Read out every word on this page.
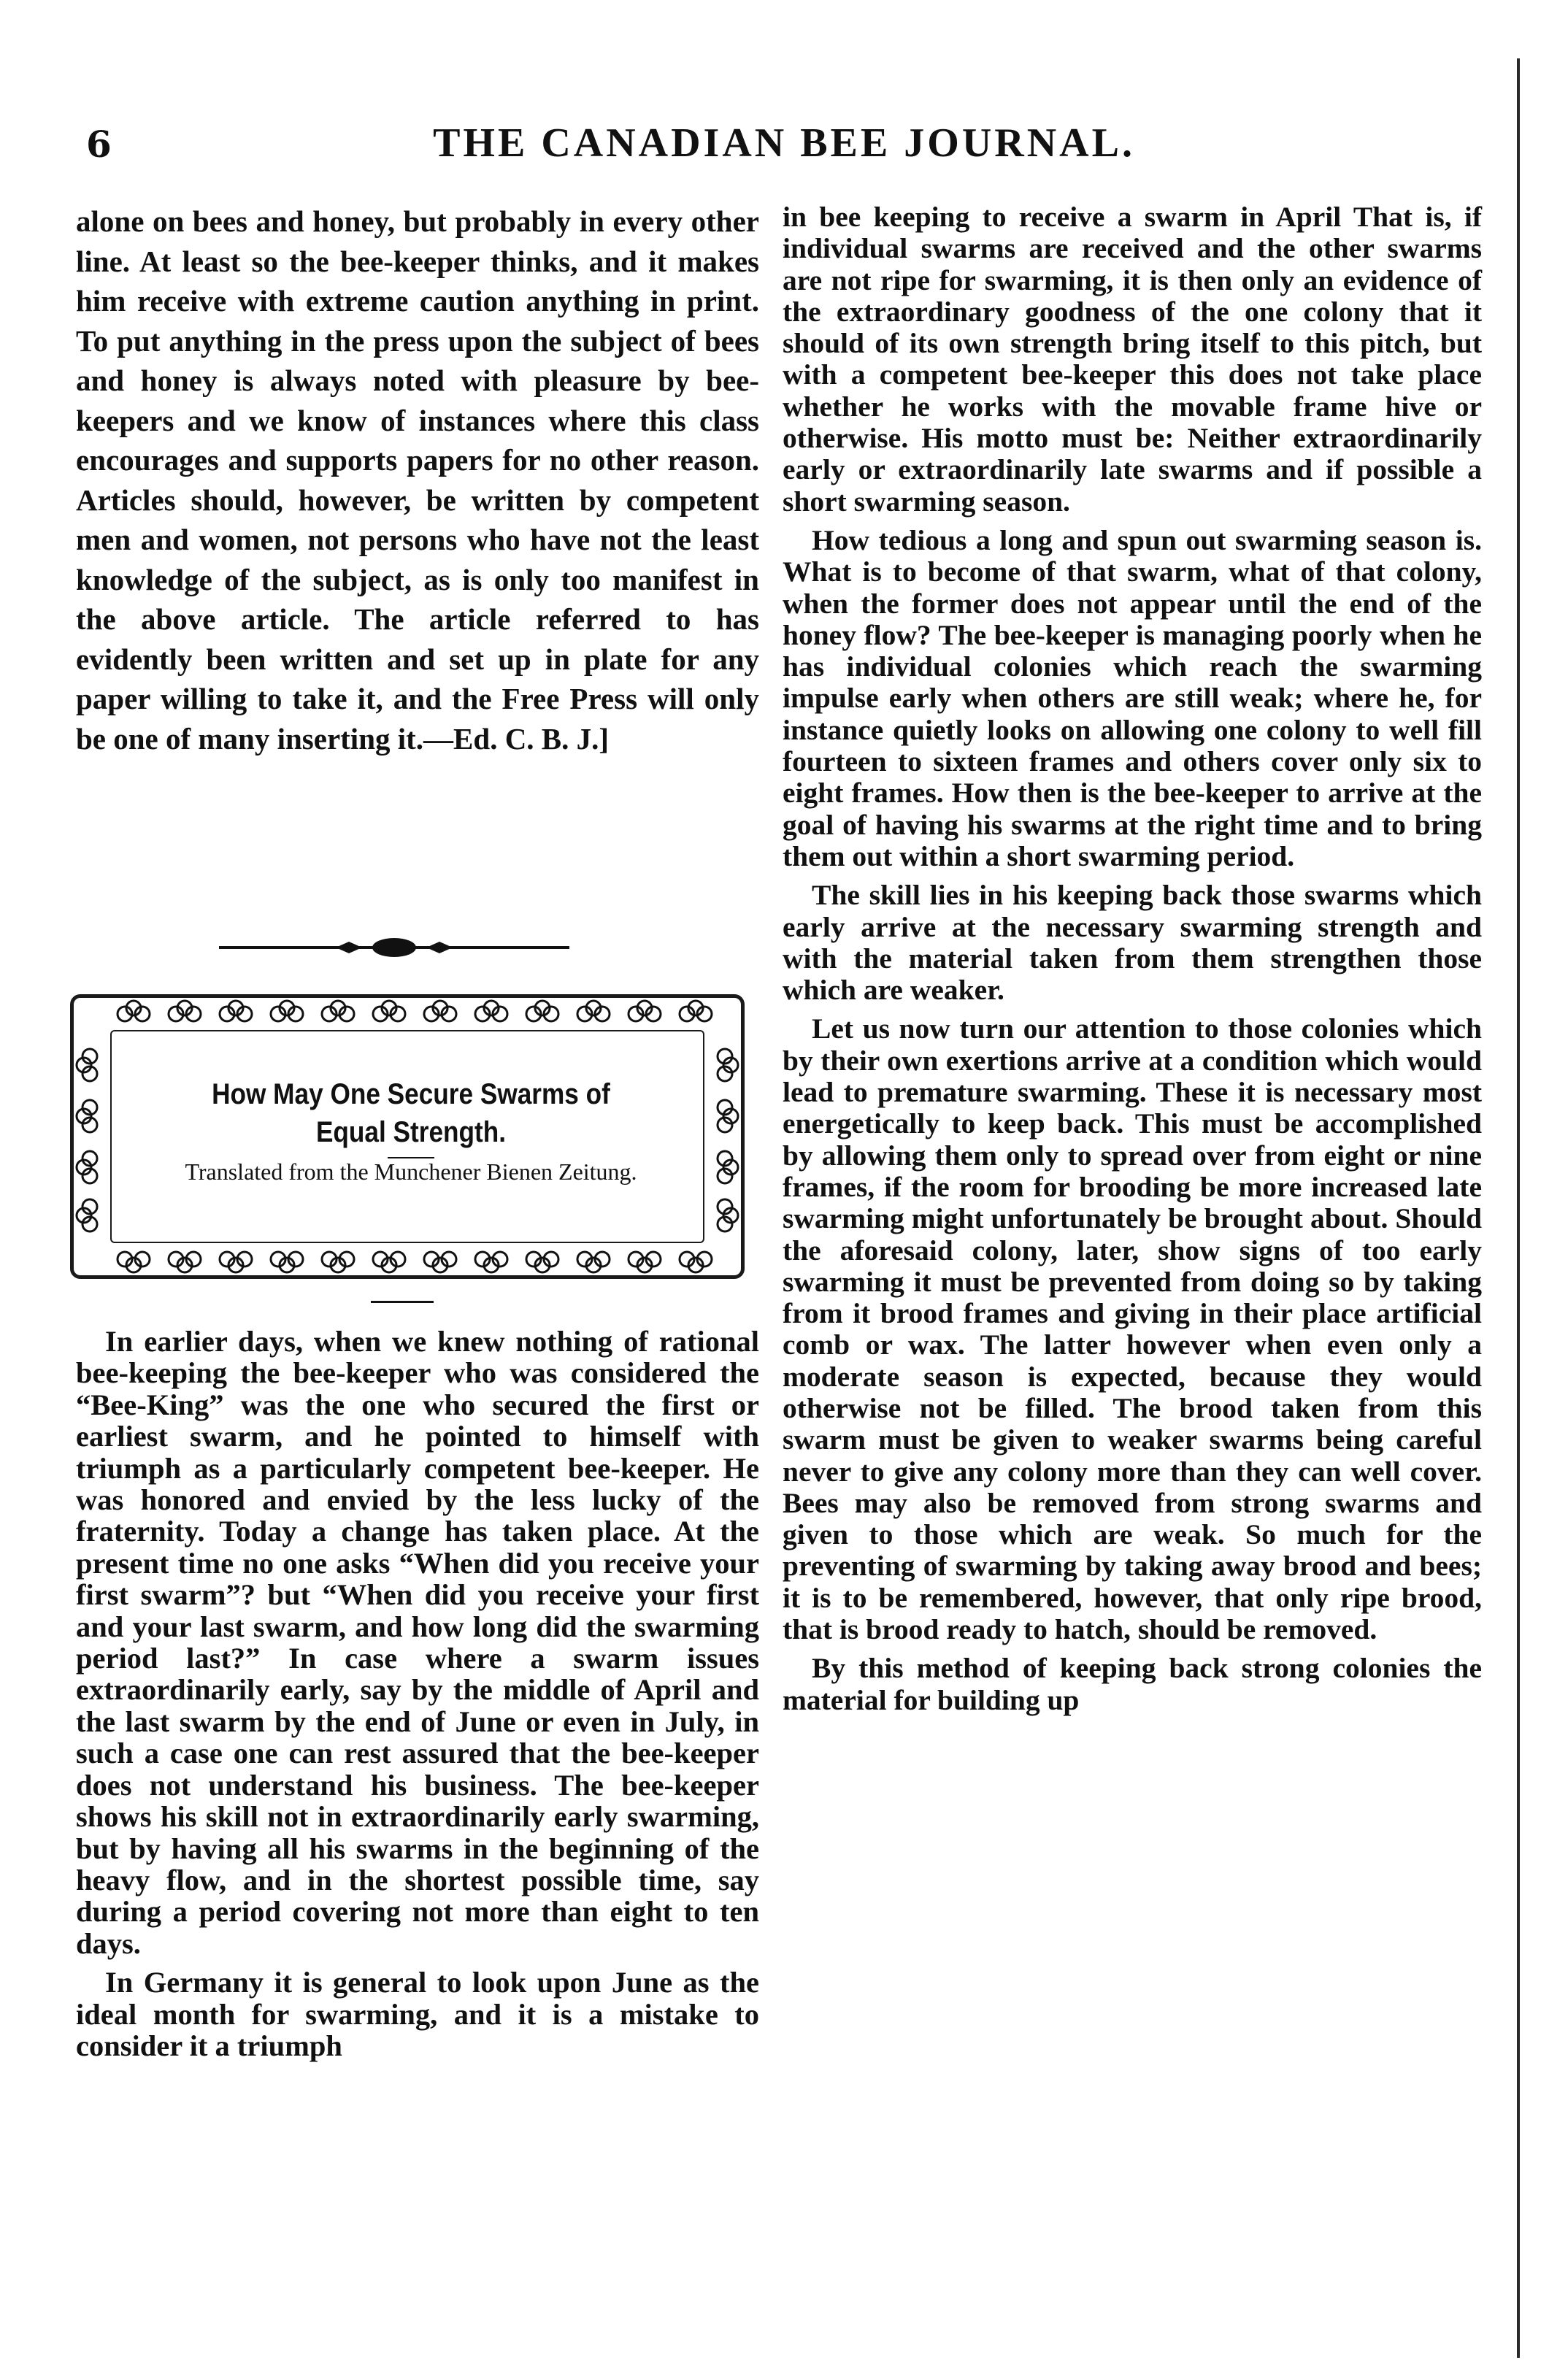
6	THE CANADIAN BEE JOURNAL.

alone on bees and honey, but probably in every other line. At least so the bee-keeper thinks, and it makes him receive with extreme caution anything in print. To put anything in the press upon the subject of bees and honey is always noted with pleasure by bee-keepers and we know of instances where this class encourages and supports papers for no other reason. Articles should, however, be written by competent men and women, not persons who have not the least knowledge of the subject, as is only too manifest in the above article. The article referred to has evidently been written and set up in plate for any paper willing to take it, and the Free Press will only be one of many inserting it.—Ed. C. B. J.]

How May One Secure Swarms of Equal Strength.
Translated from the Munchener Bienen Zeitung.

In earlier days, when we knew nothing of rational bee-keeping the bee-keeper who was considered the “Bee-King” was the one who secured the first or earliest swarm, and he pointed to himself with triumph as a particularly competent bee-keeper. He was honored and envied by the less lucky of the fraternity. Today a change has taken place. At the present time no one asks “When did you receive your first swarm”? but “When did you receive your first and your last swarm, and how long did the swarming period last?” In case where a swarm issues extraordinarily early, say by the middle of April and the last swarm by the end of June or even in July, in such a case one can rest assured that the bee-keeper does not understand his business. The bee-keeper shows his skill not in extraordinarily early swarming, but by having all his swarms in the beginning of the heavy flow, and in the shortest possible time, say during a period covering not more than eight to ten days.

In Germany it is general to look upon June as the ideal month for swarming, and it is a mistake to consider it a triumph

in bee keeping to receive a swarm in April That is, if individual swarms are received and the other swarms are not ripe for swarming, it is then only an evidence of the extraordinary goodness of the one colony that it should of its own strength bring itself to this pitch, but with a competent bee-keeper this does not take place whether he works with the movable frame hive or otherwise. His motto must be: Neither extraordinarily early or extraordinarily late swarms and if possible a short swarming season.

How tedious a long and spun out swarming season is. What is to become of that swarm, what of that colony, when the former does not appear until the end of the honey flow? The bee-keeper is managing poorly when he has individual colonies which reach the swarming impulse early when others are still weak; where he, for instance quietly looks on allowing one colony to well fill fourteen to sixteen frames and others cover only six to eight frames. How then is the bee-keeper to arrive at the goal of having his swarms at the right time and to bring them out within a short swarming period.

The skill lies in his keeping back those swarms which early arrive at the necessary swarming strength and with the material taken from them strengthen those which are weaker.

Let us now turn our attention to those colonies which by their own exertions arrive at a condition which would lead to premature swarming. These it is necessary most energetically to keep back. This must be accomplished by allowing them only to spread over from eight or nine frames, if the room for brooding be more increased late swarming might unfortunately be brought about. Should the aforesaid colony, later, show signs of too early swarming it must be prevented from doing so by taking from it brood frames and giving in their place artificial comb or wax. The latter however when even only a moderate season is expected, because they would otherwise not be filled. The brood taken from this swarm must be given to weaker swarms being careful never to give any colony more than they can well cover. Bees may also be removed from strong swarms and given to those which are weak. So much for the preventing of swarming by taking away brood and bees; it is to be remembered, however, that only ripe brood, that is brood ready to hatch, should be removed.

By this method of keeping back strong colonies the material for building up
